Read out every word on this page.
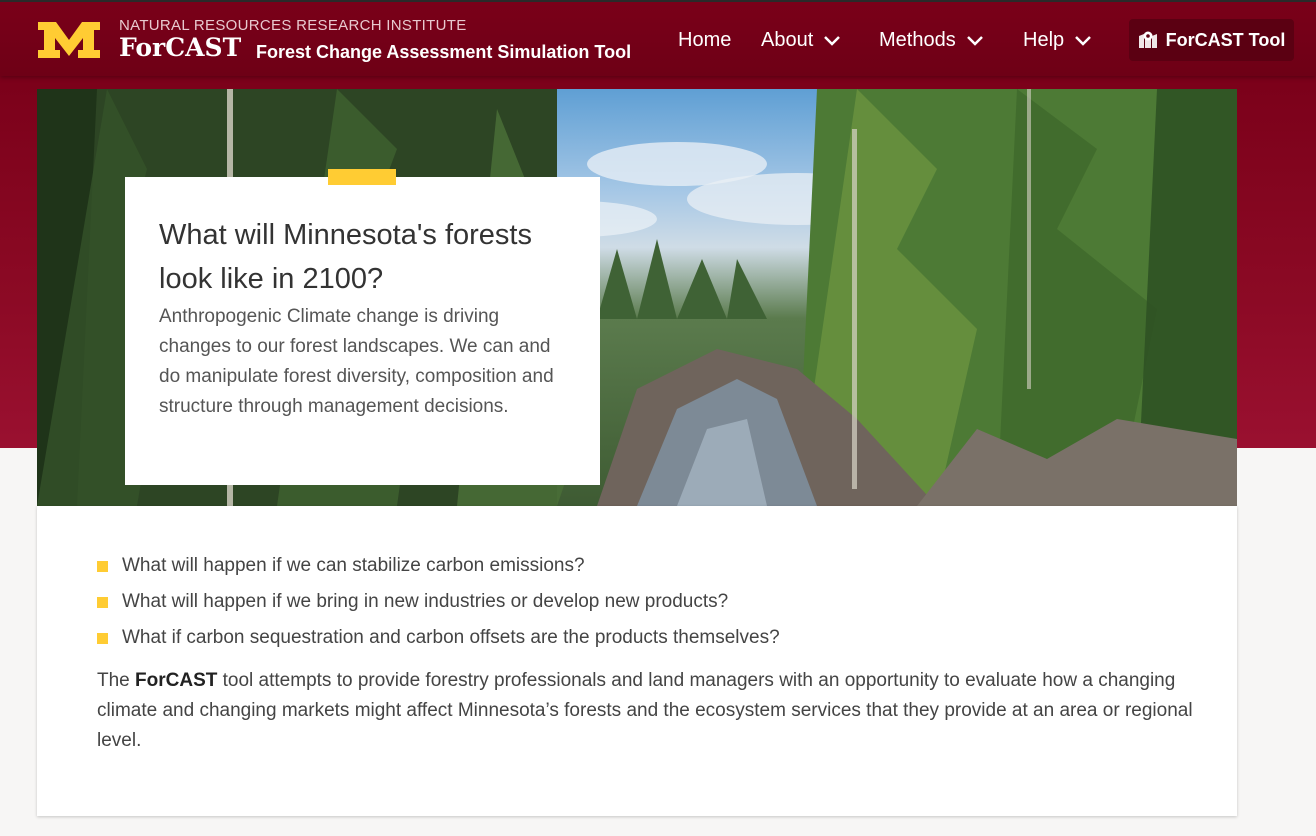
NATURAL RESOURCES RESEARCH INSTITUTE
ForCAST Forest Change Assessment Simulation Tool
Home About	Methods	Help	ForCAST Tool
What will Minnesota's forests look like in 2100?

Anthropogenic Climate change is driving changes to our forest landscapes. We can and do manipulate forest diversity, composition and structure through management decisions.

What will happen if we can stabilize carbon emissions?
What will happen if we bring in new industries or develop new products?
What if carbon sequestration and carbon offsets are the products themselves?

The ForCAST tool attempts to provide forestry professionals and land managers with an opportunity to evaluate how a changing climate and changing markets might affect Minnesota’s forests and the ecosystem services that they provide at an area or regional level.
